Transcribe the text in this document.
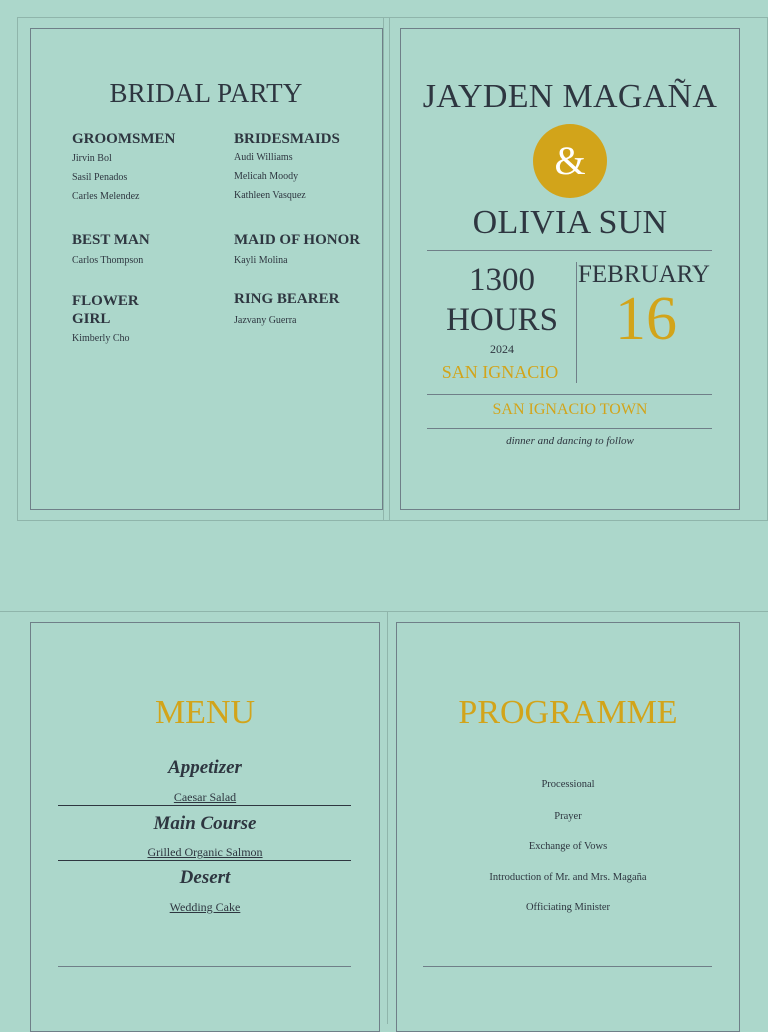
BRIDAL PARTY
GROOMSMEN
Jirvin Bol
Sasil Penados
Carles Melendez
BRIDESMAIDS
Audi Williams
Melicah Moody
Kathleen Vasquez
BEST MAN
Carlos Thompson
MAID OF HONOR
Kayli Molina
FLOWER
GIRL
Kimberly Cho
RING BEARER
Jazvany Guerra
JAYDEN MAGAÑA
&
OLIVIA SUN
1300
HOURS
2024
SAN IGNACIO
FEBRUARY
16
SAN IGNACIO TOWN
dinner and dancing to follow
MENU
Appetizer
Caesar Salad
Main Course
Grilled Organic Salmon
Desert
Wedding Cake
PROGRAMME
Processional
Prayer
Exchange of Vows
Introduction of Mr. and Mrs. Magaña
Officiating Minister
